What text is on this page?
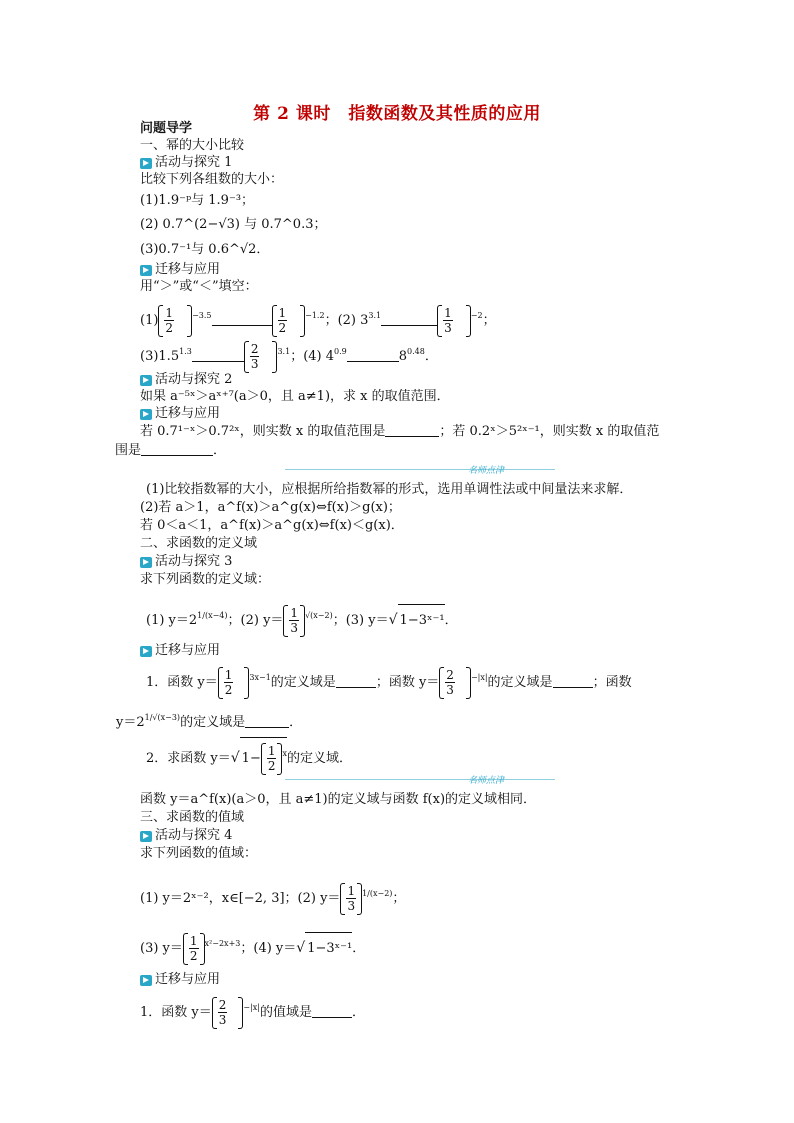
第 2 课时　指数函数及其性质的应用
问题导学
一、幂的大小比较
活动与探究 1
比较下列各组数的大小：
(1)1.9⁻ᵖ与 1.9⁻³；
(2) 0.7^(2−√3) 与 0.7^0.3；
(3)0.7⁻¹与 0.6^√2．
迁移与应用
用“＞”或“＜”填空：
$(1) \frac{1}{2} ^{-3.5}$	$\frac{1}{2} ^{-1.2}$；(2) $3^{3.1}$	$\frac{1}{3} ^{-2}$；
$(3)1.5^{1.3}$	$\frac{2}{3} ^{3.1}$；(4) $4^{0.9}$	$8^{0.48}$．
活动与探究 2
如果 a⁻⁵ˣ＞aˣ⁺⁷(a＞0，且 a≠1)，求 x 的取值范围．
迁移与应用
若 0.7¹⁻ˣ＞0.7²ˣ，则实数 x 的取值范围是	；若 0.2ˣ＞5²ˣ⁻¹，则实数 x 的取值范
围是	．
名师点津
(1)比较指数幂的大小，应根据所给指数幂的形式，选用单调性法或中间量法来求解．
(2)若 a＞1，a^f(x)＞a^g(x)⇔f(x)＞g(x)；
若 0＜a＜1，a^f(x)＞a^g(x)⇔f(x)＜g(x)．
二、求函数的定义域
活动与探究 3
求下列函数的定义域：
(1) $y=2^{1/(x-4)}$；(2) $y= \frac{1}{3} ^{√(x-2)}$；(3) y＝√ 1−3ˣ⁻¹．
迁移与应用
1．函数 $y= \frac{1}{2} ^{3x-1}$的定义域是	；函数 $y= \frac{2}{3} ^{-|x|}$的定义域是	；函数
$y=2^{1/√(x-3)}$的定义域是	．
2．求函数 y＝√ $1- \frac{1}{2} ^x$的定义域．
名师点津
函数 y＝a^f(x)(a＞0，且 a≠1)的定义域与函数 f(x)的定义域相同．
三、求函数的值域
活动与探究 4
求下列函数的值域：
(1) y＝2ˣ⁻²，x∈[−2, 3]；(2) $y= \frac{1}{3} ^{1/(x-2)}$；
(3) $y= \frac{1}{2} ^{x^2-2x+3}$；(4) y＝√ 1−3ˣ⁻¹．
迁移与应用
1．函数 $y= \frac{2}{3} ^{-|x|}$的值域是	．
